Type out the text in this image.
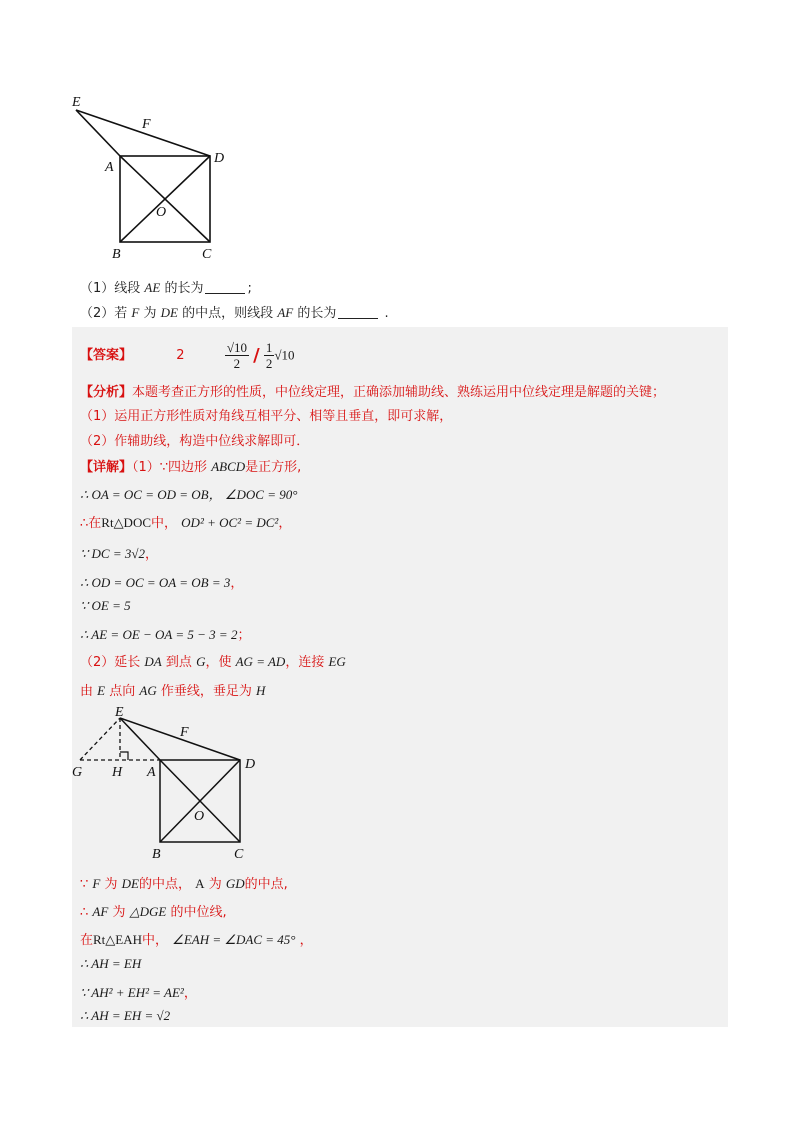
E
F
A
D
O
B	C
（1）线段 AE 的长为	;
（2）若 F 为 DE 的中点，则线段 AF 的长为	.
【答案】	2	$\frac{√10}{2} / \frac{1}{2} √10$
【分析】本题考查正方形的性质，中位线定理，正确添加辅助线、熟练运用中位线定理是解题的关键；
（1）运用正方形性质对角线互相平分、相等且垂直，即可求解，
（2）作辅助线，构造中位线求解即可．
【详解】（1）∵四边形 ABCD是正方形,
∴ OA = OC = OD = OB， ∠DOC = 90°
∴在Rt△DOC中， OD² + OC² = DC²，
∵ DC = 3√2，
∴ OD = OC = OA = OB = 3，
∵ OE = 5
∴ AE = OE − OA = 5 − 3 = 2；
（2）延长 DA 到点 G，使 AG = AD，连接 EG
由 E 点向 AG 作垂线，垂足为 H
E
F
G H A
D
O
B	C
∵ F 为 DE的中点， A 为 GD的中点,
∴ AF 为 △DGE 的中位线,
在Rt△EAH中， ∠EAH = ∠DAC = 45° ，
∴ AH = EH
∵ AH² + EH² = AE²，
∴ AH = EH = √2
